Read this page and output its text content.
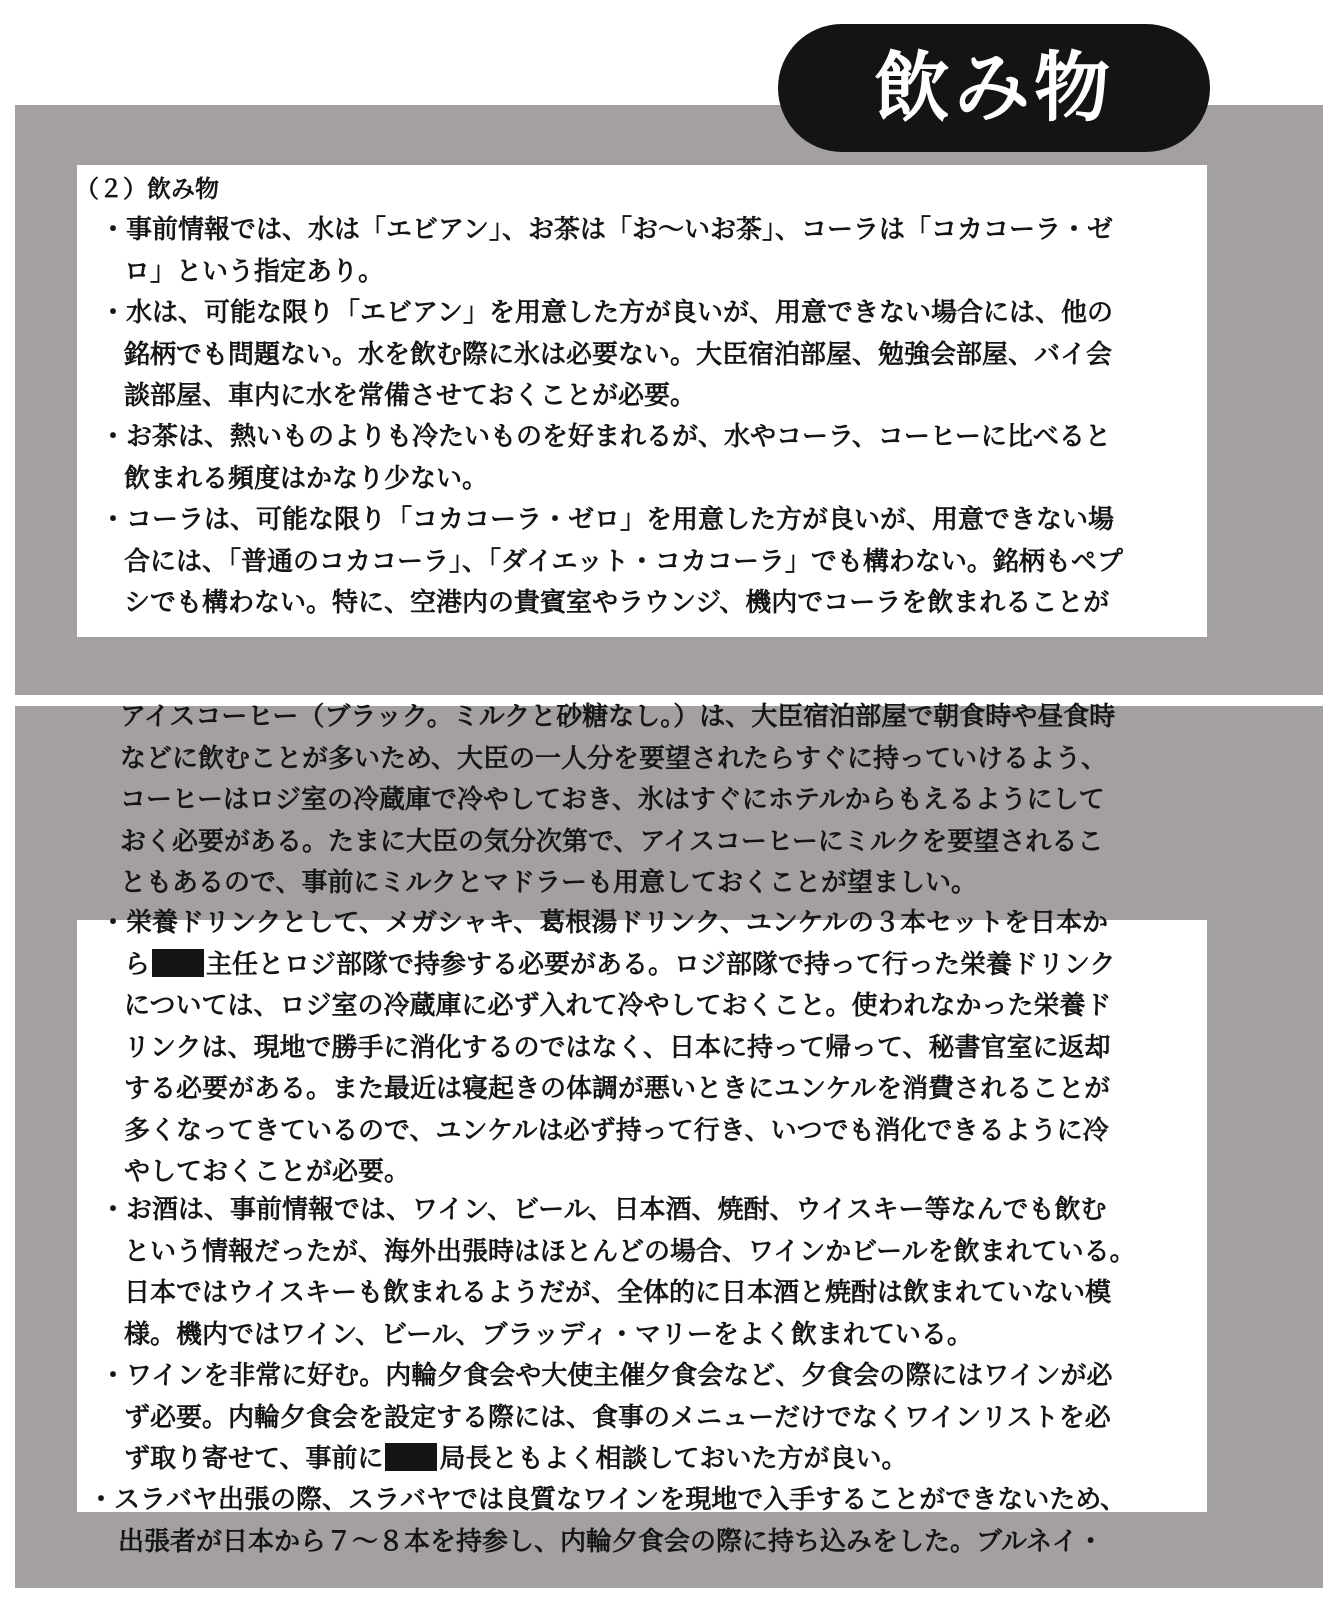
飲み物
（２）飲み物
・事前情報では、水は「エビアン」、お茶は「お～いお茶」、コーラは「コカコーラ・ゼ
ロ」という指定あり。
・水は、可能な限り「エビアン」を用意した方が良いが、用意できない場合には、他の
銘柄でも問題ない。水を飲む際に氷は必要ない。大臣宿泊部屋、勉強会部屋、バイ会
談部屋、車内に水を常備させておくことが必要。
・お茶は、熱いものよりも冷たいものを好まれるが、水やコーラ、コーヒーに比べると
飲まれる頻度はかなり少ない。
・コーラは、可能な限り「コカコーラ・ゼロ」を用意した方が良いが、用意できない場
合には、「普通のコカコーラ」、「ダイエット・コカコーラ」でも構わない。銘柄もペプ
シでも構わない。特に、空港内の貴賓室やラウンジ、機内でコーラを飲まれることが
アイスコーヒー（ブラック。ミルクと砂糖なし。）は、大臣宿泊部屋で朝食時や昼食時
などに飲むことが多いため、大臣の一人分を要望されたらすぐに持っていけるよう、
コーヒーはロジ室の冷蔵庫で冷やしておき、氷はすぐにホテルからもえるようにして
おく必要がある。たまに大臣の気分次第で、アイスコーヒーにミルクを要望されるこ
ともあるので、事前にミルクとマドラーも用意しておくことが望ましい。
・栄養ドリンクとして、メガシャキ、葛根湯ドリンク、ユンケルの３本セットを日本か
ら 主任とロジ部隊で持参する必要がある。ロジ部隊で持って行った栄養ドリンク
については、ロジ室の冷蔵庫に必ず入れて冷やしておくこと。使われなかった栄養ド
リンクは、現地で勝手に消化するのではなく、日本に持って帰って、秘書官室に返却
する必要がある。また最近は寝起きの体調が悪いときにユンケルを消費されることが
多くなってきているので、ユンケルは必ず持って行き、いつでも消化できるように冷
やしておくことが必要。
・お酒は、事前情報では、ワイン、ビール、日本酒、焼酎、ウイスキー等なんでも飲む
という情報だったが、海外出張時はほとんどの場合、ワインかビールを飲まれている。
日本ではウイスキーも飲まれるようだが、全体的に日本酒と焼酎は飲まれていない模
様。機内ではワイン、ビール、ブラッディ・マリーをよく飲まれている。
・ワインを非常に好む。内輪夕食会や大使主催夕食会など、夕食会の際にはワインが必
ず必要。内輪夕食会を設定する際には、食事のメニューだけでなくワインリストを必
ず取り寄せて、事前に 局長ともよく相談しておいた方が良い。
・スラバヤ出張の際、スラバヤでは良質なワインを現地で入手することができないため、
出張者が日本から７～８本を持参し、内輪夕食会の際に持ち込みをした。ブルネイ・
